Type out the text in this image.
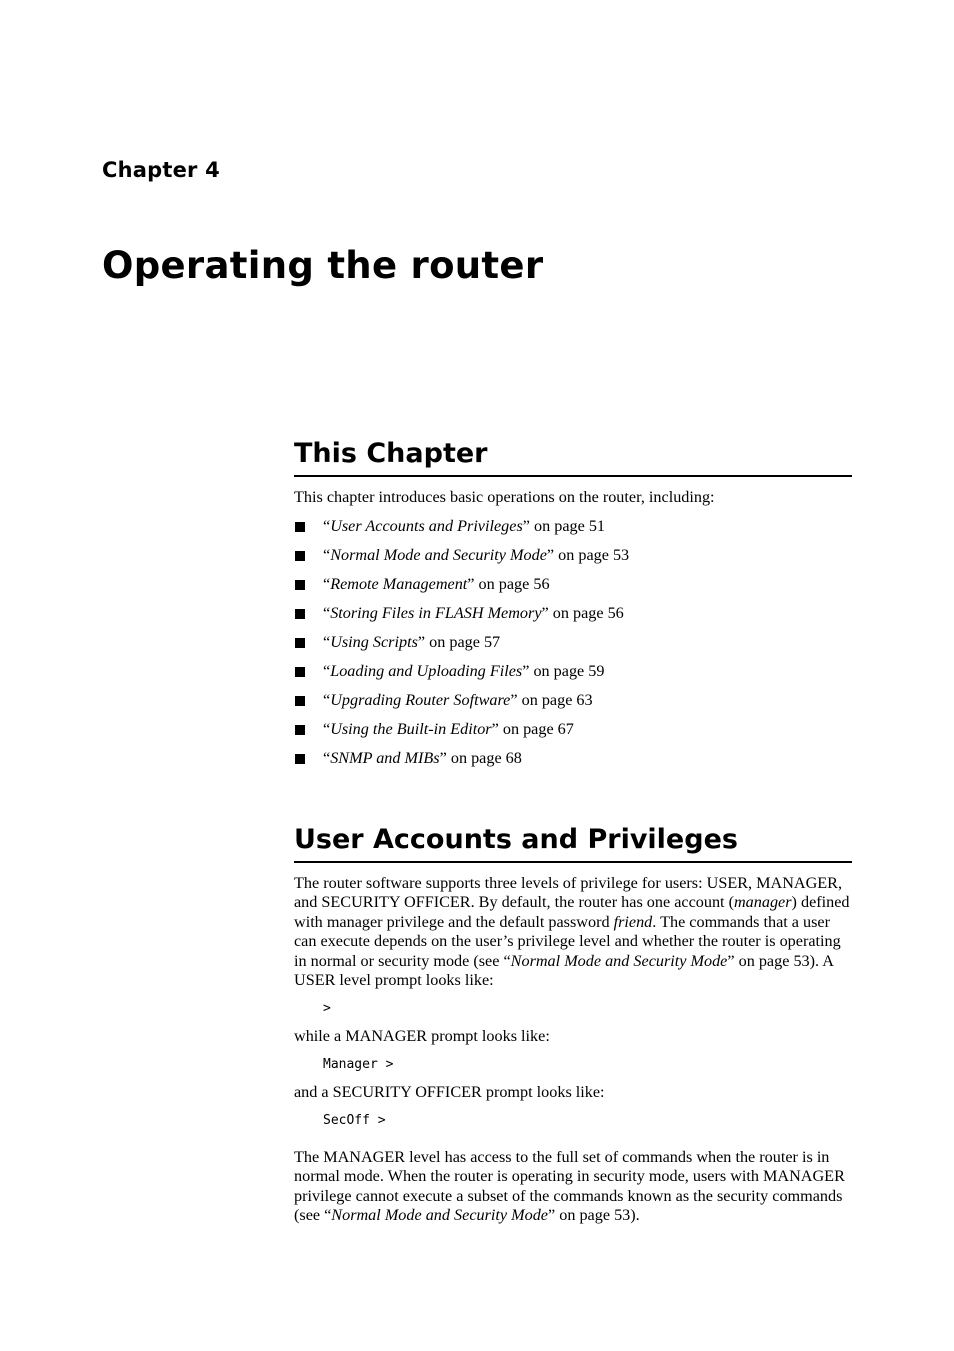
Chapter 4
Operating the router
This Chapter
This chapter introduces basic operations on the router, including:
“User Accounts and Privileges” on page 51
“Normal Mode and Security Mode” on page 53
“Remote Management” on page 56
“Storing Files in FLASH Memory” on page 56
“Using Scripts” on page 57
“Loading and Uploading Files” on page 59
“Upgrading Router Software” on page 63
“Using the Built-in Editor” on page 67
“SNMP and MIBs” on page 68
User Accounts and Privileges
The router software supports three levels of privilege for users: USER, MANAGER, and SECURITY OFFICER. By default, the router has one account (manager) defined with manager privilege and the default password friend. The commands that a user can execute depends on the user’s privilege level and whether the router is operating in normal or security mode (see “Normal Mode and Security Mode” on page 53). A USER level prompt looks like:
>
while a MANAGER prompt looks like:
Manager >
and a SECURITY OFFICER prompt looks like:
SecOff >
The MANAGER level has access to the full set of commands when the router is in normal mode. When the router is operating in security mode, users with MANAGER privilege cannot execute a subset of the commands known as the security commands (see “Normal Mode and Security Mode” on page 53).
